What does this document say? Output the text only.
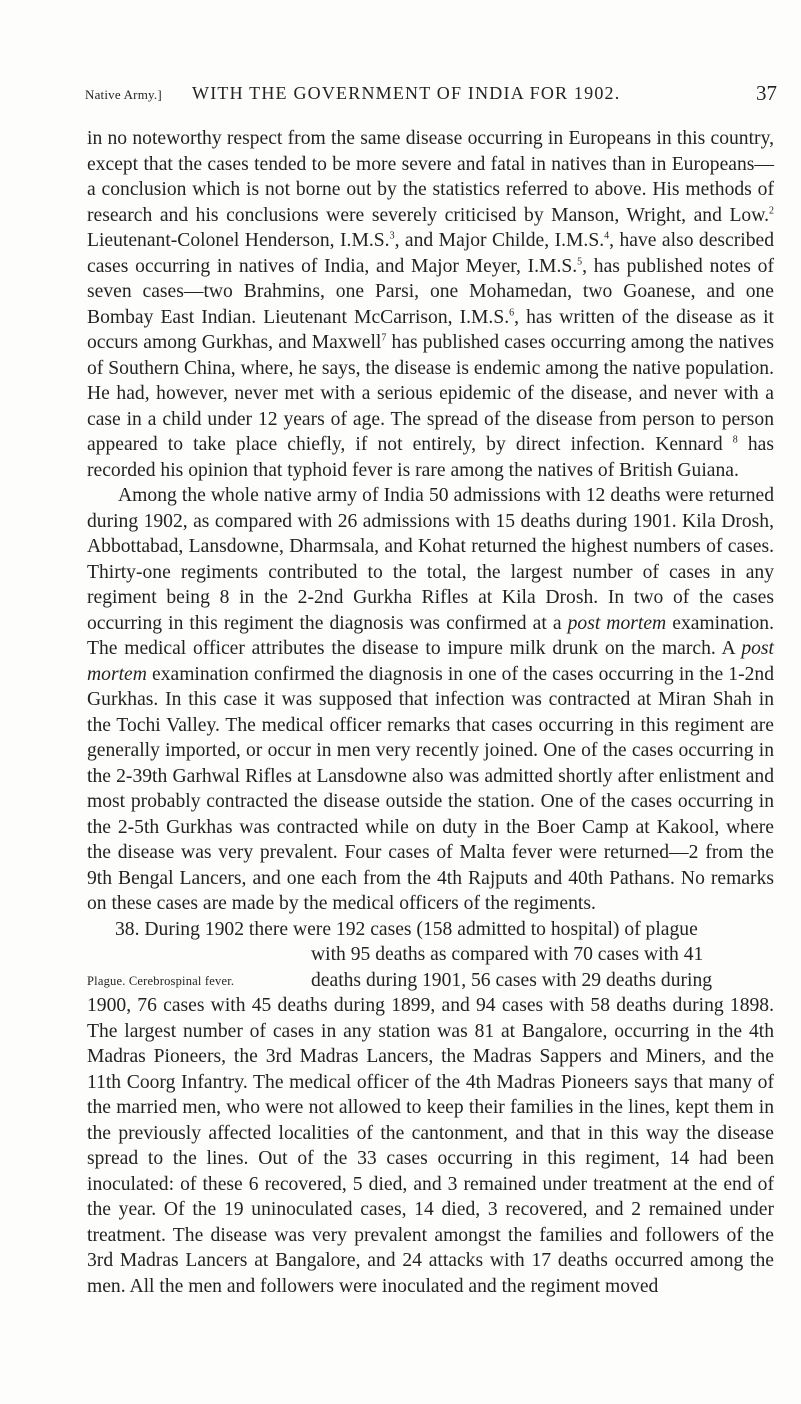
Native Army.] WITH THE GOVERNMENT OF INDIA FOR 1902.	37

in no noteworthy respect from the same disease occurring in Europeans in this country, except that the cases tended to be more severe and fatal in natives than in Europeans—a conclusion which is not borne out by the statistics referred to above. His methods of research and his conclusions were severely criticised by Manson, Wright, and Low.$^2$ Lieutenant-Colonel Henderson, I.M.S.$^3$, and Major Childe, I.M.S.$^4$, have also described cases occurring in natives of India, and Major Meyer, I.M.S.$^5$, has published notes of seven cases—two Brahmins, one Parsi, one Mohamedan, two Goanese, and one Bombay East Indian. Lieutenant McCarrison, I.M.S.$^6$, has written of the disease as it occurs among Gurkhas, and Maxwell$^7$ has published cases occurring among the natives of Southern China, where, he says, the disease is endemic among the native population. He had, however, never met with a serious epidemic of the disease, and never with a case in a child under 12 years of age. The spread of the disease from person to person appeared to take place chiefly, if not entirely, by direct infection. Kennard $^8$ has recorded his opinion that typhoid fever is rare among the natives of British Guiana.

Among the whole native army of India 50 admissions with 12 deaths were returned during 1902, as compared with 26 admissions with 15 deaths during 1901. Kila Drosh, Abbottabad, Lansdowne, Dharmsala, and Kohat returned the highest numbers of cases. Thirty-one regiments contributed to the total, the largest number of cases in any regiment being 8 in the 2-2nd Gurkha Rifles at Kila Drosh. In two of the cases occurring in this regiment the diagnosis was confirmed at a post mortem examination. The medical officer attributes the disease to impure milk drunk on the march. A post mortem examination confirmed the diagnosis in one of the cases occurring in the 1-2nd Gurkhas. In this case it was supposed that infection was contracted at Miran Shah in the Tochi Valley. The medical officer remarks that cases occurring in this regiment are generally imported, or occur in men very recently joined. One of the cases occurring in the 2-39th Garhwal Rifles at Lansdowne also was admitted shortly after enlistment and most probably contracted the disease outside the station. One of the cases occurring in the 2-5th Gurkhas was contracted while on duty in the Boer Camp at Kakool, where the disease was very prevalent. Four cases of Malta fever were returned—2 from the 9th Bengal Lancers, and one each from the 4th Rajputs and 40th Pathans. No remarks on these cases are made by the medical officers of the regiments.

Plague. Cerebrospinal fever.

38. During 1902 there were 192 cases (158 admitted to hospital) of plague

with 95 deaths as compared with 70 cases with 41

deaths during 1901, 56 cases with 29 deaths during

1900, 76 cases with 45 deaths during 1899, and 94 cases with 58 deaths during 1898. The largest number of cases in any station was 81 at Bangalore, occurring in the 4th Madras Pioneers, the 3rd Madras Lancers, the Madras Sappers and Miners, and the 11th Coorg Infantry. The medical officer of the 4th Madras Pioneers says that many of the married men, who were not allowed to keep their families in the lines, kept them in the previously affected localities of the cantonment, and that in this way the disease spread to the lines. Out of the 33 cases occurring in this regiment, 14 had been inoculated: of these 6 recovered, 5 died, and 3 remained under treatment at the end of the year. Of the 19 uninoculated cases, 14 died, 3 recovered, and 2 remained under treatment. The disease was very prevalent amongst the families and followers of the 3rd Madras Lancers at Bangalore, and 24 attacks with 17 deaths occurred among the men. All the men and followers were inoculated and the regiment moved
